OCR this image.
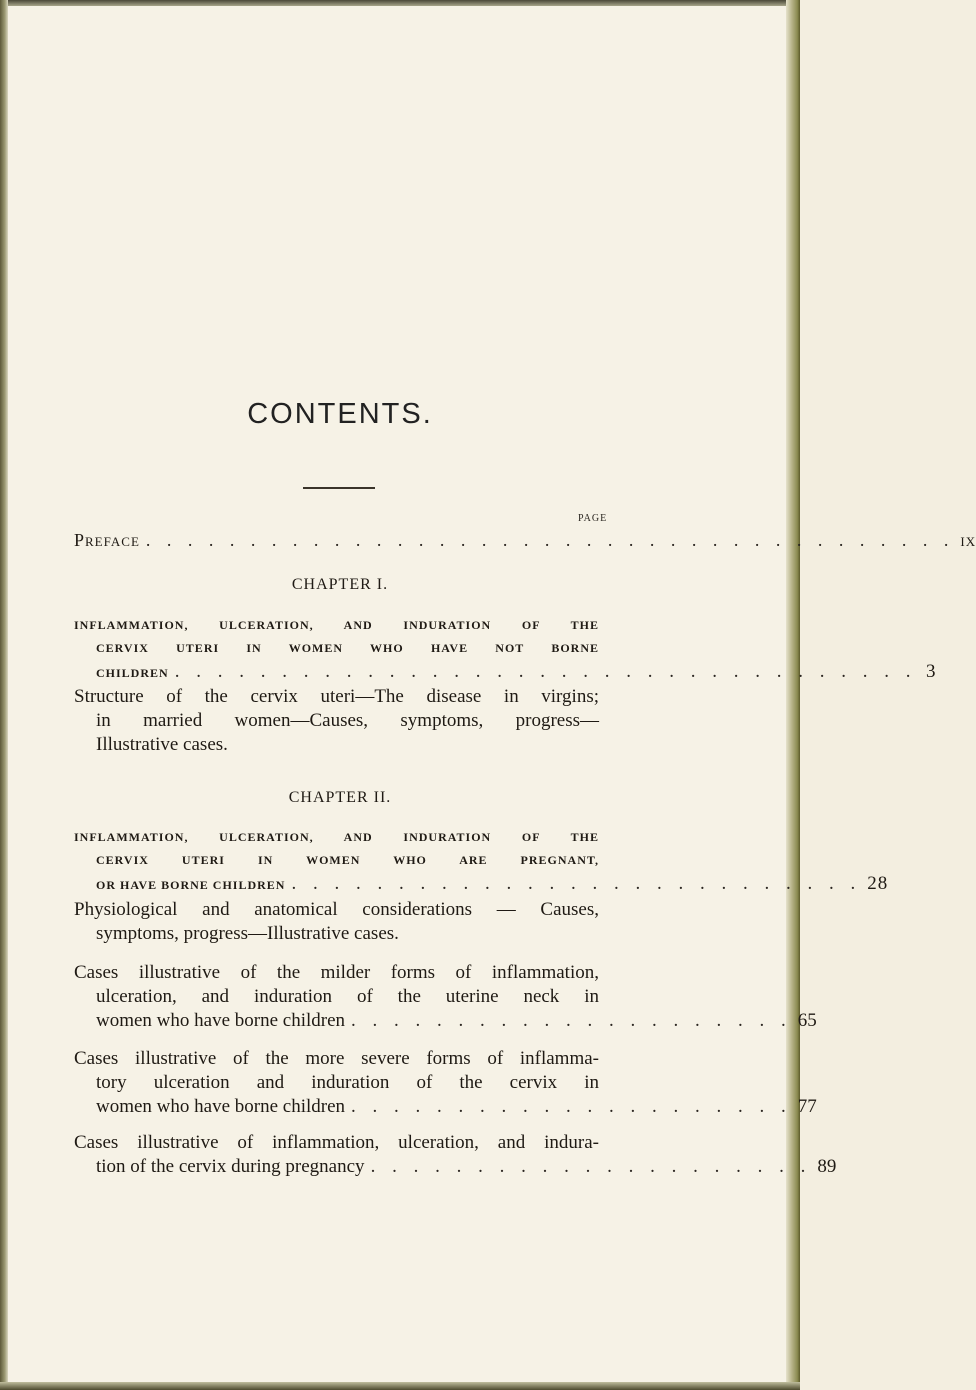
CONTENTS.
PAGE
Preface . . . . . . . . . . . . . . . . . . . . . . . . . . . . . . . . . . . . . . . ix
CHAPTER I.
INFLAMMATION, ULCERATION, AND INDURATION OF THE
CERVIX UTERI IN WOMEN WHO HAVE NOT BORNE
CHILDREN . . . . . . . . . . . . . . . . . . . . . . . . . . . . . . . . . . . 3
Structure of the cervix uteri—The disease in virgins;
in married women—Causes, symptoms, progress—
Illustrative cases.
CHAPTER II.
INFLAMMATION, ULCERATION, AND INDURATION OF THE
CERVIX UTERI IN WOMEN WHO ARE PREGNANT,
OR HAVE BORNE CHILDREN . . . . . . . . . . . . . . . . . . . . . . . . . . . 28
Physiological and anatomical considerations — Causes,
symptoms, progress—Illustrative cases.
Cases illustrative of the milder forms of inflammation,
ulceration, and induration of the uterine neck in
women who have borne children . . . . . . . . . . . . . . . . . . . . . 65
Cases illustrative of the more severe forms of inflamma-
tory ulceration and induration of the cervix in
women who have borne children . . . . . . . . . . . . . . . . . . . . . 77
Cases illustrative of inflammation, ulceration, and indura-
tion of the cervix during pregnancy . . . . . . . . . . . . . . . . . . . . . 89
